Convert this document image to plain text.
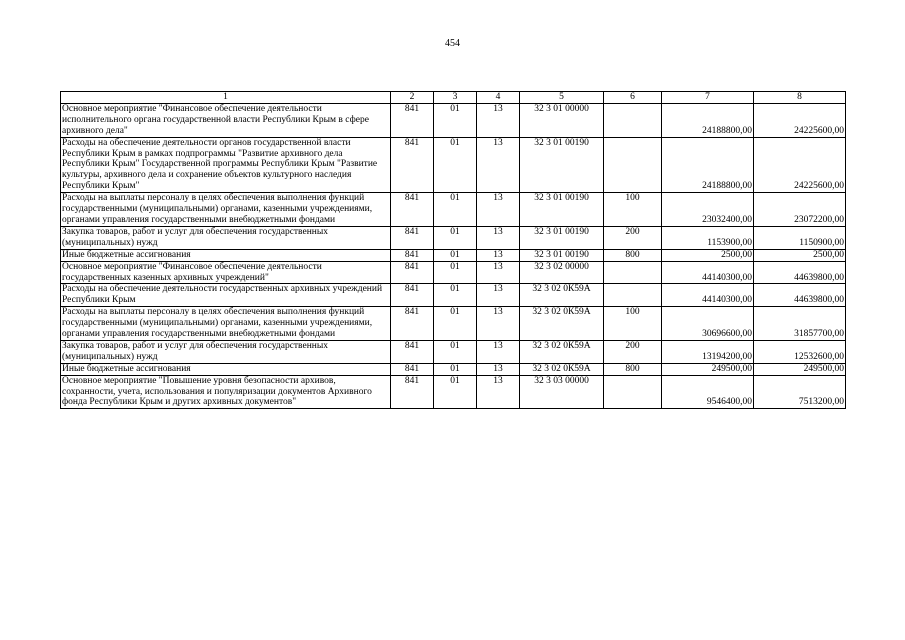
454
1	2	3	4	5	6	7	8
Основное мероприятие "Финансовое обеспечение деятельности исполнительного органа государственной власти Республики Крым в сфере архивного дела"	841	01	13	32 3 01 00000		24188800,00	24225600,00
Расходы на обеспечение деятельности органов государственной власти Республики Крым в рамках подпрограммы "Развитие архивного дела Республики Крым" Государственной программы Республики Крым "Развитие культуры, архивного дела и сохранение объектов культурного наследия Республики Крым"	841	01	13	32 3 01 00190		24188800,00	24225600,00
Расходы на выплаты персоналу в целях обеспечения выполнения функций государственными (муниципальными) органами, казенными учреждениями, органами управления государственными внебюджетными фондами	841	01	13	32 3 01 00190	100	23032400,00	23072200,00
Закупка товаров, работ и услуг для обеспечения государственных (муниципальных) нужд	841	01	13	32 3 01 00190	200	1153900,00	1150900,00
Иные бюджетные ассигнования	841	01	13	32 3 01 00190	800	2500,00	2500,00
Основное мероприятие "Финансовое обеспечение деятельности государственных казенных архивных учреждений"	841	01	13	32 3 02 00000		44140300,00	44639800,00
Расходы на обеспечение деятельности государственных архивных учреждений Республики Крым	841	01	13	32 3 02 0К59А		44140300,00	44639800,00
Расходы на выплаты персоналу в целях обеспечения выполнения функций государственными (муниципальными) органами, казенными учреждениями, органами управления государственными внебюджетными фондами	841	01	13	32 3 02 0К59А	100	30696600,00	31857700,00
Закупка товаров, работ и услуг для обеспечения государственных (муниципальных) нужд	841	01	13	32 3 02 0К59А	200	13194200,00	12532600,00
Иные бюджетные ассигнования	841	01	13	32 3 02 0К59А	800	249500,00	249500,00
Основное мероприятие "Повышение уровня безопасности архивов, сохранности, учета, использования и популяризации документов Архивного фонда Республики Крым и других архивных документов"	841	01	13	32 3 03 00000		9546400,00	7513200,00
